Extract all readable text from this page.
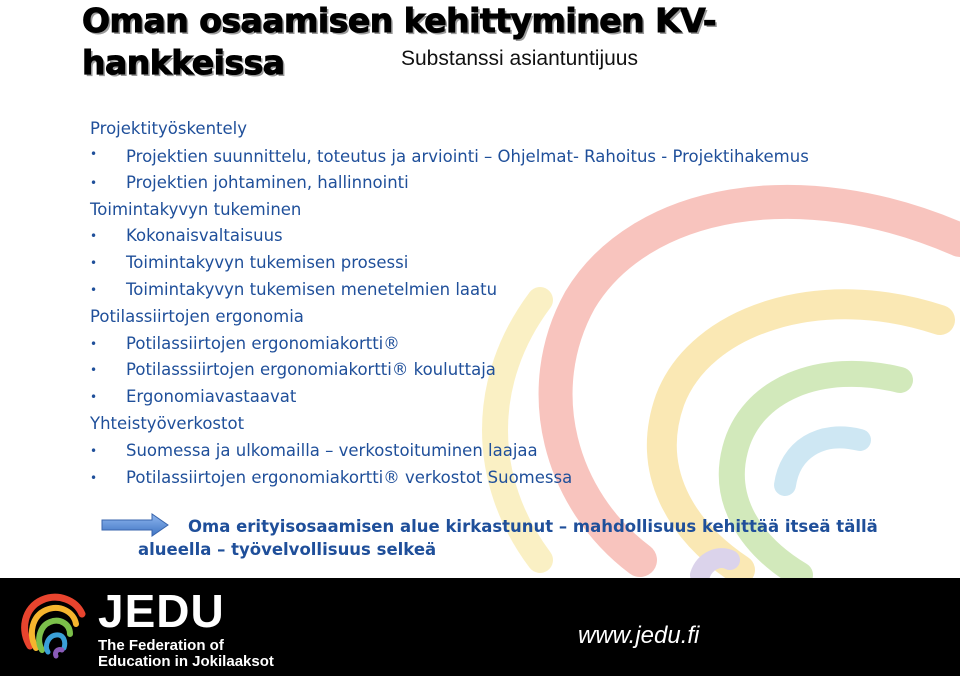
Oman osaamisen kehittyminen KV-
hankkeissa	Substanssi asiantuntijuus
Projektityöskentely
• Projektien suunnittelu, toteutus ja arviointi – Ohjelmat- Rahoitus - Projektihakemus
• Projektien johtaminen, hallinnointi
Toimintakyvyn tukeminen
• Kokonaisvaltaisuus
• Toimintakyvyn tukemisen prosessi
• Toimintakyvyn tukemisen menetelmien laatu
Potilassiirtojen ergonomia
• Potilassiirtojen ergonomiakortti®
• Potilasssiirtojen ergonomiakortti® kouluttaja
• Ergonomiavastaavat
Yhteistyöverkostot
• Suomessa ja ulkomailla – verkostoituminen laajaa
• Potilassiirtojen ergonomiakortti® verkostot Suomessa
Oma erityisosaamisen alue kirkastunut – mahdollisuus kehittää itseä tällä alueella – työvelvollisuus selkeä
JEDU
The Federation of
Education in Jokilaaksot
www.jedu.fi
